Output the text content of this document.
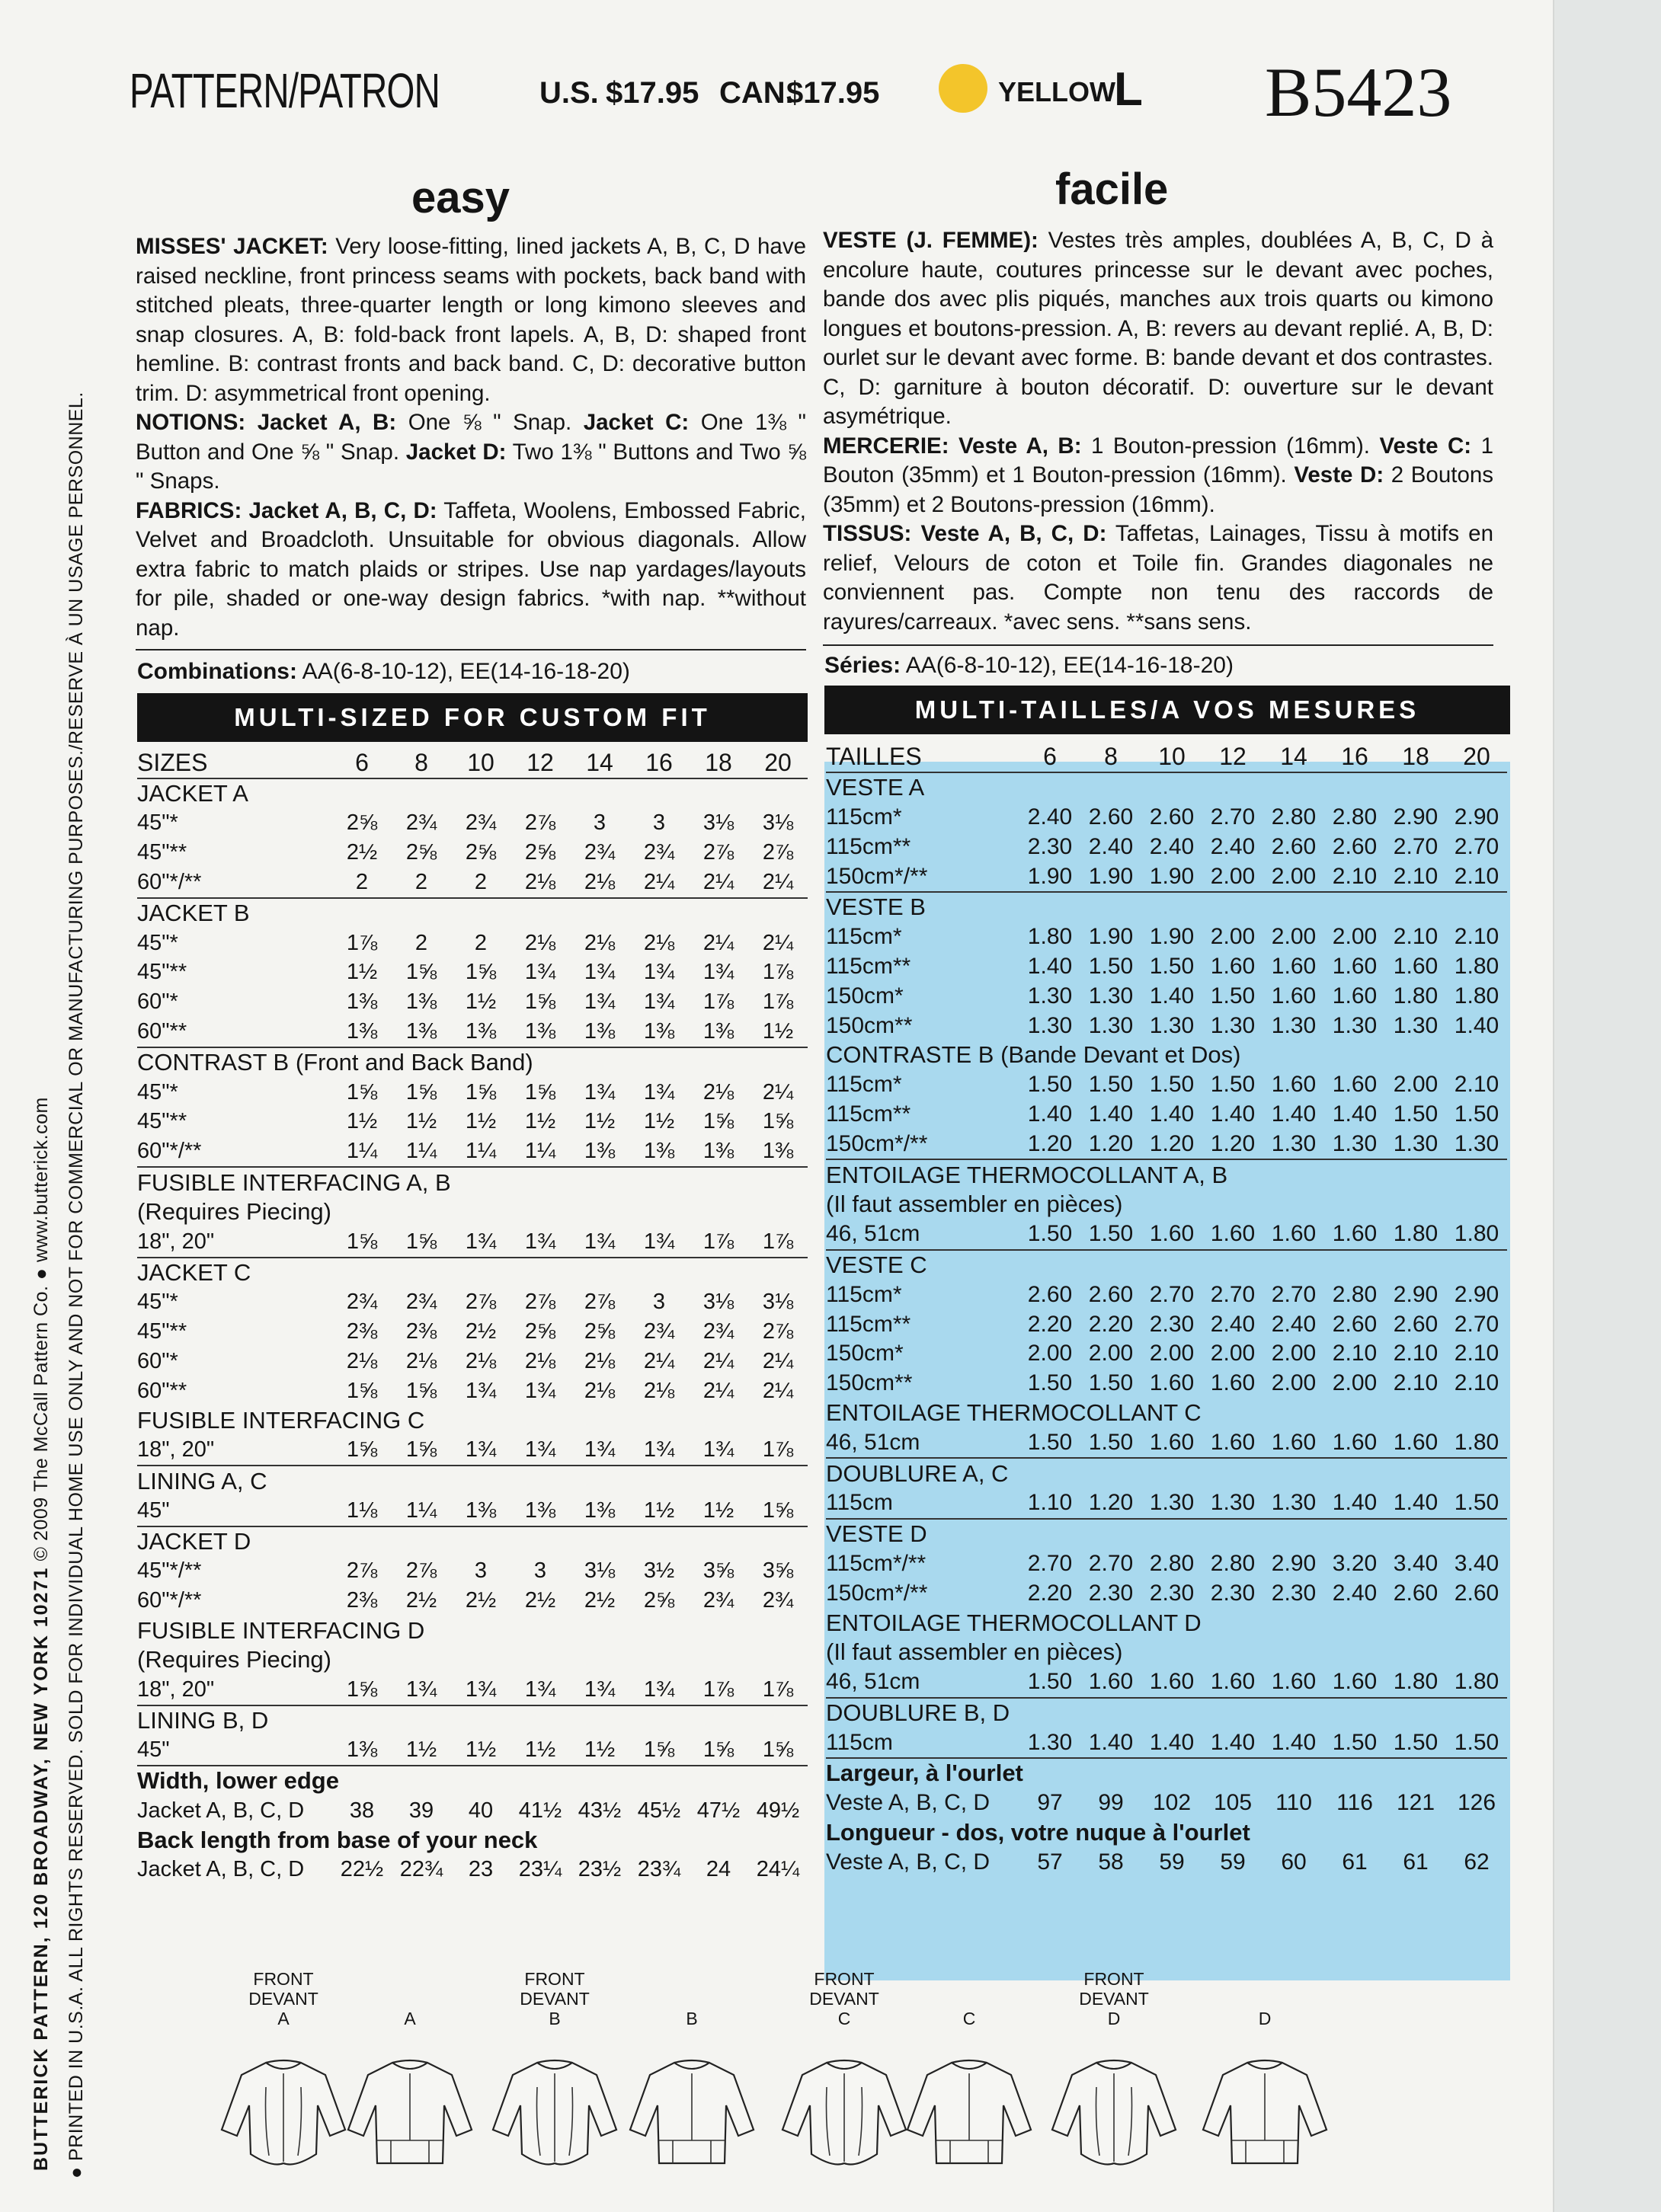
BUTTERICK PATTERN, 120 BROADWAY, NEW YORK 10271 © 2009 The McCall Pattern Co. ● www.butterick.com
● PRINTED IN U.S.A. ALL RIGHTS RESERVED. SOLD FOR INDIVIDUAL HOME USE ONLY AND NOT FOR COMMERCIAL OR MANUFACTURING PURPOSES./RESERVE À UN USAGE PERSONNEL.
PATTERN/PATRON	U.S. $17.95 CAN.
$17.95	YELLOW
L B5423
easy	facile

MISSES' JACKET: Very loose-fitting, lined jackets A, B, C, D have raised neckline, front princess seams with pockets, back band with stitched pleats, three-quarter length or long kimono sleeves and snap closures. A, B: fold-back front lapels. A, B, D: shaped front hemline. B: contrast fronts and back band. C, D: decorative button trim. D: asymmetrical front opening.

NOTIONS: Jacket A, B: One ⅝ " Snap. Jacket C: One 1⅜ " Button and One ⅝ " Snap. Jacket D: Two 1⅜ " Buttons and Two ⅝ " Snaps.

FABRICS: Jacket A, B, C, D: Taffeta, Woolens, Embossed Fabric, Velvet and Broadcloth. Unsuitable for obvious diagonals. Allow extra fabric to match plaids or stripes. Use nap yardages/layouts for pile, shaded or one-way design fabrics. *with nap. **without nap.

VESTE (J. FEMME): Vestes très amples, doublées A, B, C, D à encolure haute, coutures princesse sur le devant avec poches, bande dos avec plis piqués, manches aux trois quarts ou kimono longues et boutons-pression. A, B: revers au devant replié. A, B, D: ourlet sur le devant avec forme. B: bande devant et dos contrastes. C, D: garniture à bouton décoratif. D: ouverture sur le devant asymétrique.

MERCERIE: Veste A, B: 1 Bouton-pression (16mm). Veste C: 1 Bouton (35mm) et 1 Bouton-pression (16mm). Veste D: 2 Boutons (35mm) et 2 Boutons-pression (16mm).

TISSUS: Veste A, B, C, D: Taffetas, Lainages, Tissu à motifs en relief, Velours de coton et Toile fin. Grandes diagonales ne conviennent pas. Compte non tenu des raccords de rayures/carreaux. *avec sens. **sans sens.

Combinations: AA(6-8-10-12), EE(14-16-18-20)	Séries: AA(6-8-10-12), EE(14-16-18-20)
MULTI-SIZED FOR CUSTOM FIT	MULTI-TAILLES/A VOS MESURES
SIZES	6	8	10	12	14	16	18	20
JACKET A								
45"*	2⅝	2¾	2¾	2⅞	3	3	3⅛	3⅛
45"**	2½	2⅝	2⅝	2⅝	2¾	2¾	2⅞	2⅞
60"*/**	2	2	2	2⅛	2⅛	2¼	2¼	2¼
JACKET B								
45"*	1⅞	2	2	2⅛	2⅛	2⅛	2¼	2¼
45"**	1½	1⅝	1⅝	1¾	1¾	1¾	1¾	1⅞
60"*	1⅜	1⅜	1½	1⅝	1¾	1¾	1⅞	1⅞
60"**	1⅜	1⅜	1⅜	1⅜	1⅜	1⅜	1⅜	1½
CONTRAST B (Front and Back Band)								
45"*	1⅝	1⅝	1⅝	1⅝	1¾	1¾	2⅛	2¼
45"**	1½	1½	1½	1½	1½	1½	1⅝	1⅝
60"*/**	1¼	1¼	1¼	1¼	1⅜	1⅜	1⅜	1⅜
FUSIBLE INTERFACING A, B								
(Requires Piecing)								
18", 20"	1⅝	1⅝	1¾	1¾	1¾	1¾	1⅞	1⅞
JACKET C								
45"*	2¾	2¾	2⅞	2⅞	2⅞	3	3⅛	3⅛
45"**	2⅜	2⅜	2½	2⅝	2⅝	2¾	2¾	2⅞
60"*	2⅛	2⅛	2⅛	2⅛	2⅛	2¼	2¼	2¼
60"**	1⅝	1⅝	1¾	1¾	2⅛	2⅛	2¼	2¼
FUSIBLE INTERFACING C								
18", 20"	1⅝	1⅝	1¾	1¾	1¾	1¾	1¾	1⅞
LINING A, C								
45"	1⅛	1¼	1⅜	1⅜	1⅜	1½	1½	1⅝
JACKET D								
45"*/**	2⅞	2⅞	3	3	3⅛	3½	3⅝	3⅝
60"*/**	2⅜	2½	2½	2½	2½	2⅝	2¾	2¾
FUSIBLE INTERFACING D								
(Requires Piecing)								
18", 20"	1⅝	1¾	1¾	1¾	1¾	1¾	1⅞	1⅞
LINING B, D								
45"	1⅜	1½	1½	1½	1½	1⅝	1⅝	1⅝
Width, lower edge								
Jacket A, B, C, D	38	39	40	41½	43½	45½	47½	49½
Back length from base of your neck								
Jacket A, B, C, D	22½	22¾	23	23¼	23½	23¾	24	24¼
TAILLES	6	8	10	12	14	16	18	20
VESTE A								
115cm*	2.40	2.60	2.60	2.70	2.80	2.80	2.90	2.90
115cm**	2.30	2.40	2.40	2.40	2.60	2.60	2.70	2.70
150cm*/**	1.90	1.90	1.90	2.00	2.00	2.10	2.10	2.10
VESTE B								
115cm*	1.80	1.90	1.90	2.00	2.00	2.00	2.10	2.10
115cm**	1.40	1.50	1.50	1.60	1.60	1.60	1.60	1.80
150cm*	1.30	1.30	1.40	1.50	1.60	1.60	1.80	1.80
150cm**	1.30	1.30	1.30	1.30	1.30	1.30	1.30	1.40
CONTRASTE B (Bande Devant et Dos)								
115cm*	1.50	1.50	1.50	1.50	1.60	1.60	2.00	2.10
115cm**	1.40	1.40	1.40	1.40	1.40	1.40	1.50	1.50
150cm*/**	1.20	1.20	1.20	1.20	1.30	1.30	1.30	1.30
ENTOILAGE THERMOCOLLANT A, B								
(Il faut assembler en pièces)								
46, 51cm	1.50	1.50	1.60	1.60	1.60	1.60	1.80	1.80
VESTE C								
115cm*	2.60	2.60	2.70	2.70	2.70	2.80	2.90	2.90
115cm**	2.20	2.20	2.30	2.40	2.40	2.60	2.60	2.70
150cm*	2.00	2.00	2.00	2.00	2.00	2.10	2.10	2.10
150cm**	1.50	1.50	1.60	1.60	2.00	2.00	2.10	2.10
ENTOILAGE THERMOCOLLANT C								
46, 51cm	1.50	1.50	1.60	1.60	1.60	1.60	1.60	1.80
DOUBLURE A, C								
115cm	1.10	1.20	1.30	1.30	1.30	1.40	1.40	1.50
VESTE D								
115cm*/**	2.70	2.70	2.80	2.80	2.90	3.20	3.40	3.40
150cm*/**	2.20	2.30	2.30	2.30	2.30	2.40	2.60	2.60
ENTOILAGE THERMOCOLLANT D								
(Il faut assembler en pièces)								
46, 51cm	1.50	1.60	1.60	1.60	1.60	1.60	1.80	1.80
DOUBLURE B, D								
115cm	1.30	1.40	1.40	1.40	1.40	1.50	1.50	1.50
Largeur, à l'ourlet								
Veste A, B, C, D	97	99	102	105	110	116	121	126
Longueur - dos, votre nuque à l'ourlet								
Veste A, B, C, D	57	58	59	59	60	61	61	62
FRONT
DEVANT
A	A
FRONT
DEVANT
B	B
FRONT
DEVANT
C	C
FRONT
DEVANT
D	D
